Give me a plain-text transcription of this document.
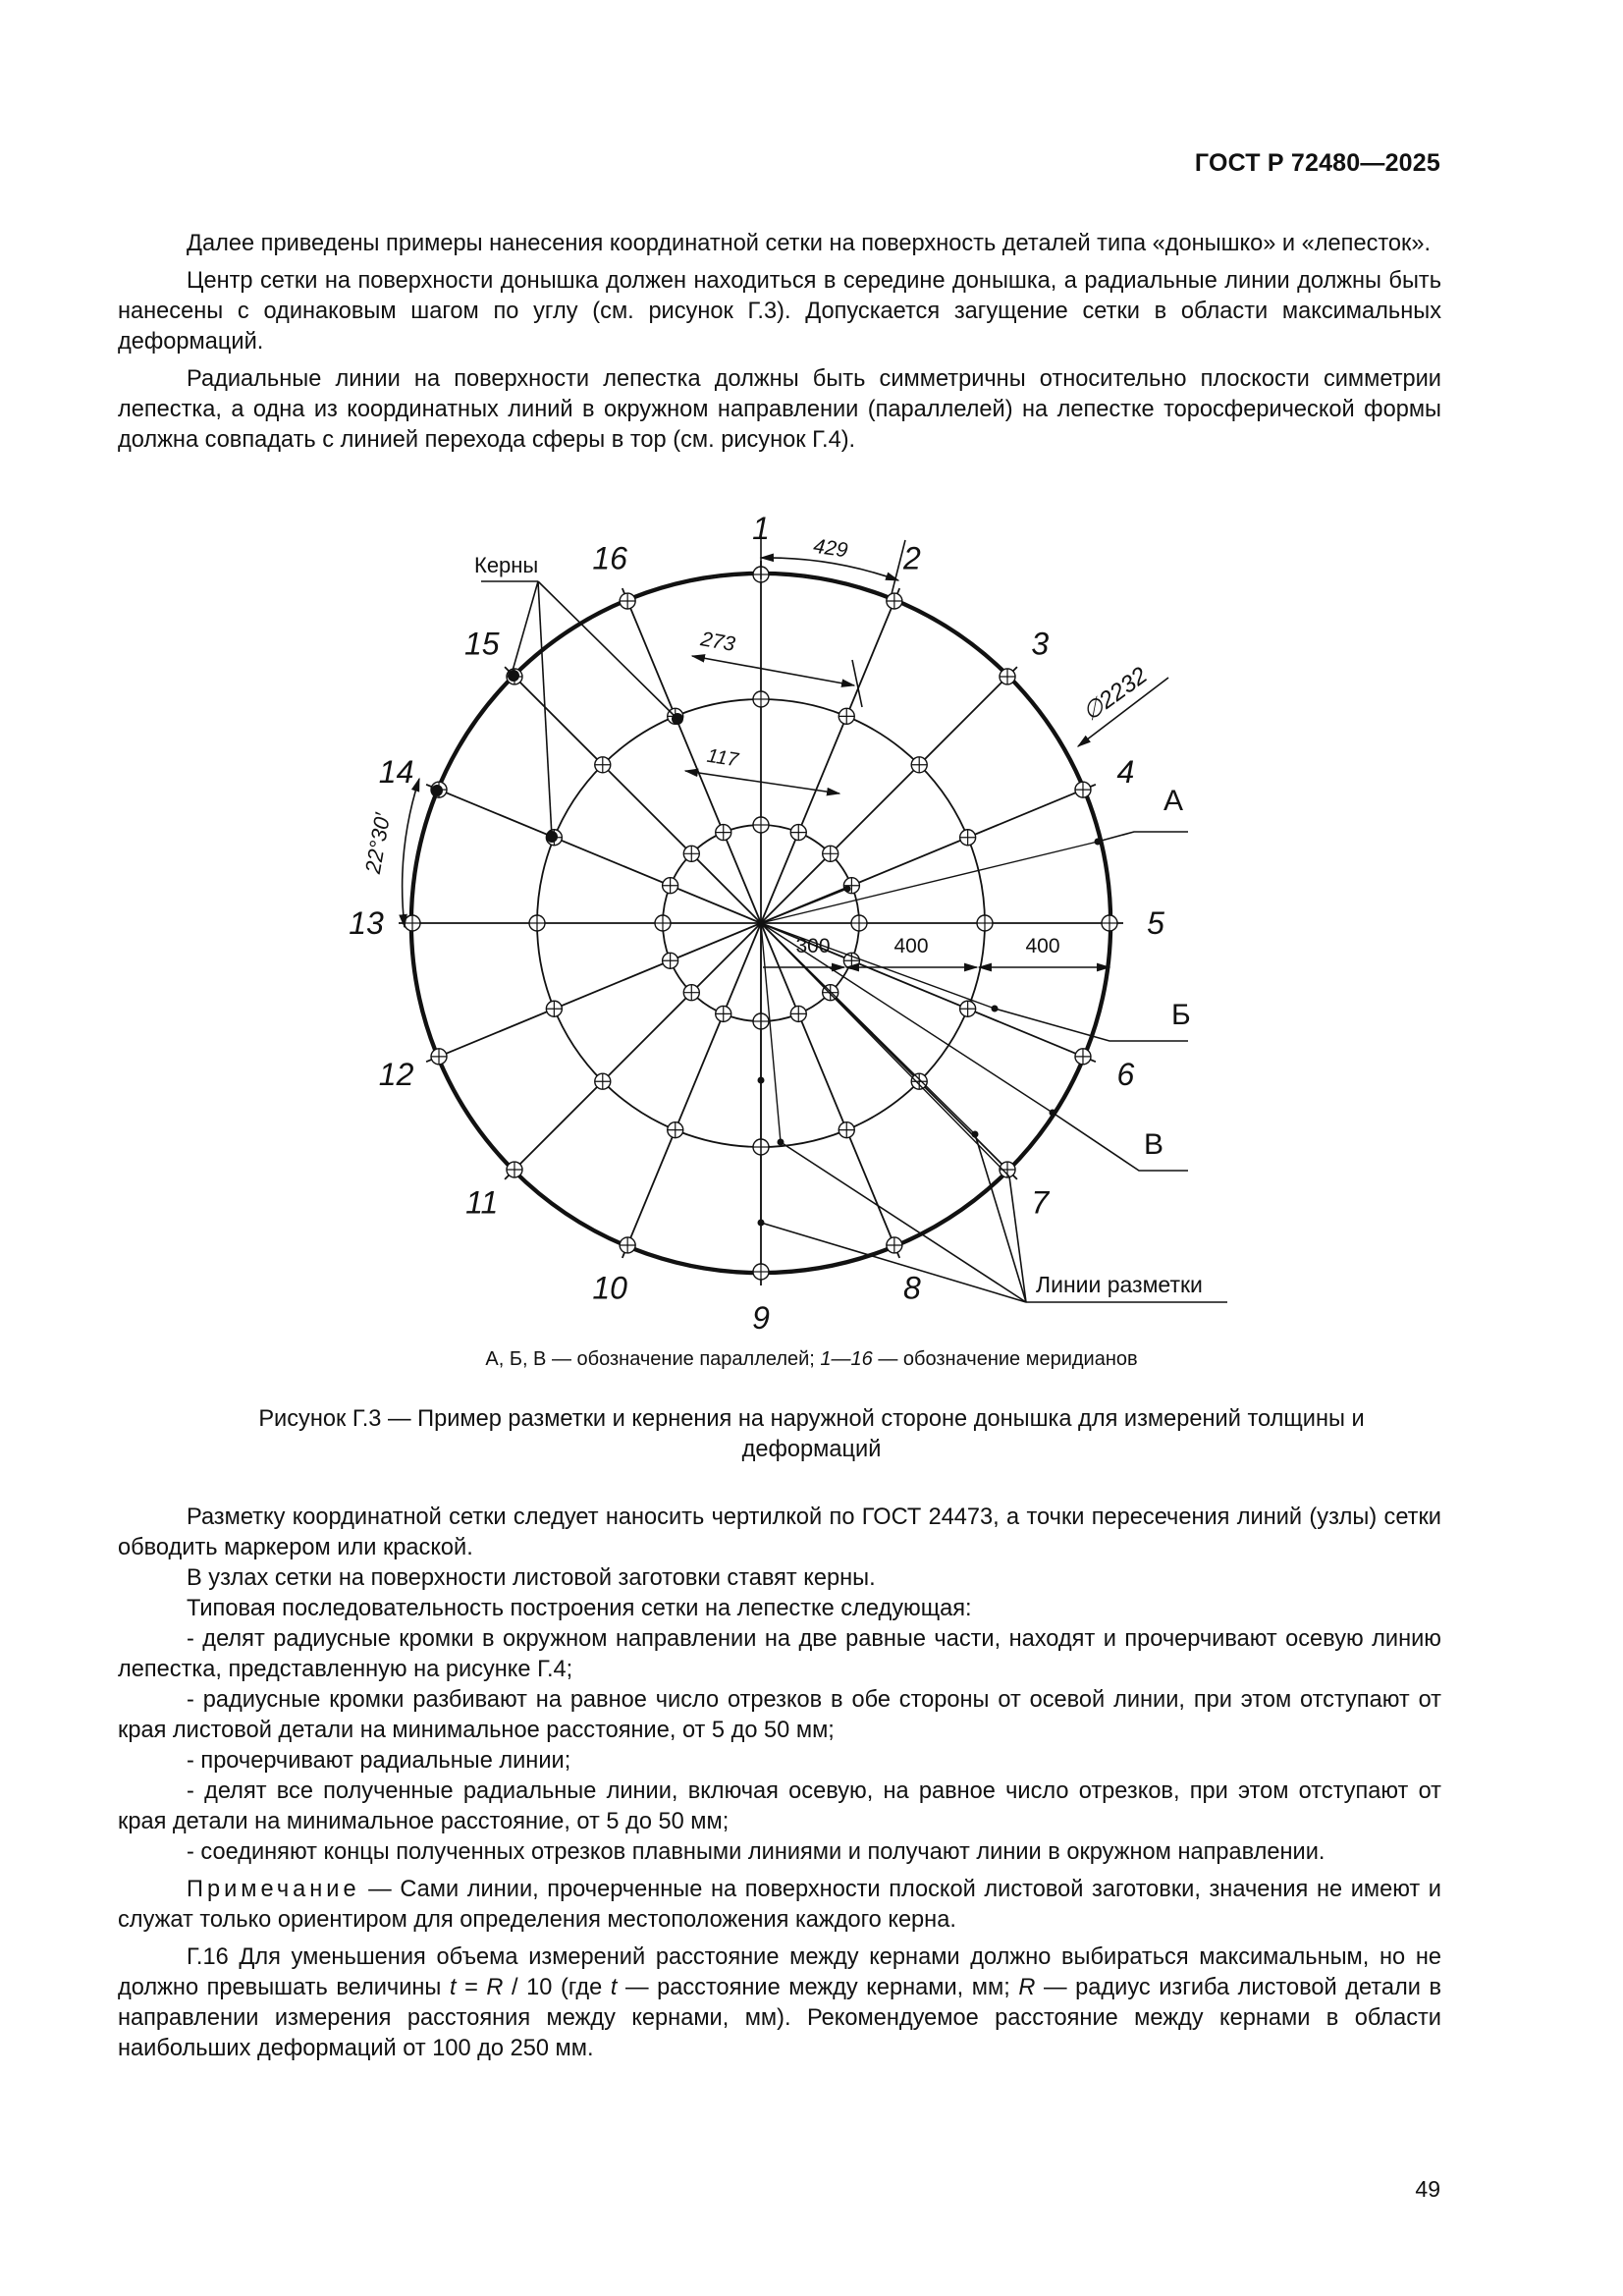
ГОСТ Р 72480—2025

Далее приведены примеры нанесения координатной сетки на поверхность деталей типа «донышко» и «лепесток».

Центр сетки на поверхности донышка должен находиться в середине донышка, а радиальные линии должны быть нанесены с одинаковым шагом по углу (см. рисунок Г.3). Допускается загущение сетки в области максимальных деформаций.

Радиальные линии на поверхности лепестка должны быть симметричны относительно плоскости симметрии лепестка, а одна из координатных линий в окружном направлении (параллелей) на лепестке торосферической формы должна совпадать с линией перехода сферы в тор (см. рисунок Г.4).

429
273
117
∅2232
22°30′
300	400	400
Керны
А
Б
В
Линии разметки
1
2
3
4
5
6
7
8
9
10
11
12
13
14
15
16
А, Б, В — обозначение параллелей; 1—16 — обозначение меридианов
Рисунок Г.3 — Пример разметки и кернения на наружной стороне донышка для измерений толщины и
деформаций

Разметку координатной сетки следует наносить чертилкой по ГОСТ 24473, а точки пересечения линий (узлы) сетки обводить маркером или краской.

В узлах сетки на поверхности листовой заготовки ставят керны.

Типовая последовательность построения сетки на лепестке следующая:

- делят радиусные кромки в окружном направлении на две равные части, находят и прочерчивают осевую линию лепестка, представленную на рисунке Г.4;

- радиусные кромки разбивают на равное число отрезков в обе стороны от осевой линии, при этом отступают от края листовой детали на минимальное расстояние, от 5 до 50 мм;

- прочерчивают радиальные линии;

- делят все полученные радиальные линии, включая осевую, на равное число отрезков, при этом отступают от края детали на минимальное расстояние, от 5 до 50 мм;

- соединяют концы полученных отрезков плавными линиями и получают линии в окружном направлении.

Примечание — Сами линии, прочерченные на поверхности плоской листовой заготовки, значения не имеют и служат только ориентиром для определения местоположения каждого керна.

Г.16 Для уменьшения объема измерений расстояние между кернами должно выбираться максимальным, но не должно превышать величины t = R / 10 (где t — расстояние между кернами, мм; R — радиус изгиба листовой детали в направлении измерения расстояния между кернами, мм). Рекомендуемое расстояние между кернами в области наибольших деформаций от 100 до 250 мм.

49
